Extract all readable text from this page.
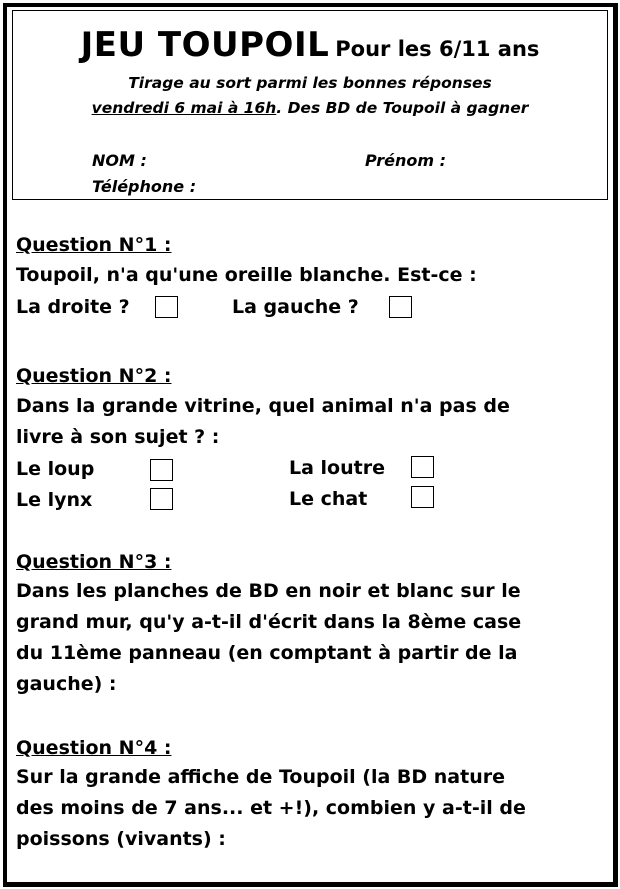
JEU TOUPOIL Pour les 6/11 ans
Tirage au sort parmi les bonnes réponses
vendredi 6 mai à 16h. Des BD de Toupoil à gagner
NOM :	Prénom :
Téléphone :
Question N°1 :
Toupoil, n'a qu'une oreille blanche. Est-ce :
La droite ?	La gauche ?
Question N°2 :
Dans la grande vitrine, quel animal n'a pas de
livre à son sujet ? :
Le loup	La loutre
Le lynx	Le chat
Question N°3 :
Dans les planches de BD en noir et blanc sur le
grand mur, qu'y a-t-il d'écrit dans la 8ème case
du 11ème panneau (en comptant à partir de la
gauche) :
Question N°4 :
Sur la grande affiche de Toupoil (la BD nature
des moins de 7 ans... et +!), combien y a-t-il de
poissons (vivants) :
